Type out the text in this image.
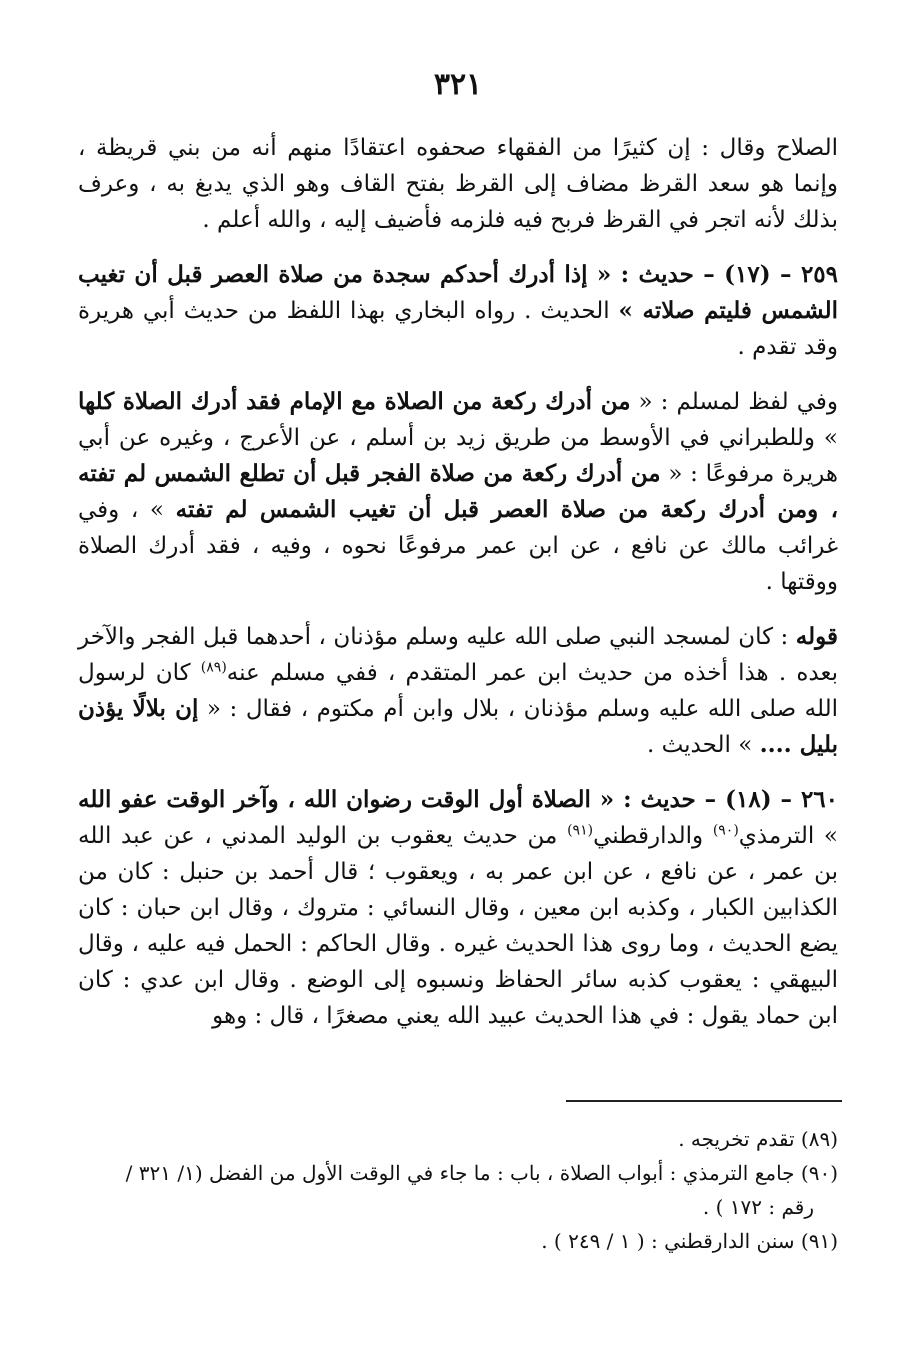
٣٢١

الصلاح وقال : إن كثيرًا من الفقهاء صحفوه اعتقادًا منهم أنه من بني قريظة ، وإنما هو سعد القرظ مضاف إلى القرظ بفتح القاف وهو الذي يدبغ به ، وعرف بذلك لأنه اتجر في القرظ فربح فيه فلزمه فأضيف إليه ، والله أعلم .

٢٥٩ – (١٧) – حديث : « إذا أدرك أحدكم سجدة من صلاة العصر قبل أن تغيب الشمس فليتم صلاته » الحديث . رواه البخاري بهذا اللفظ من حديث أبي هريرة وقد تقدم .

وفي لفظ لمسلم : « من أدرك ركعة من الصلاة مع الإمام فقد أدرك الصلاة كلها » وللطبراني في الأوسط من طريق زيد بن أسلم ، عن الأعرج ، وغيره عن أبي هريرة مرفوعًا : « من أدرك ركعة من صلاة الفجر قبل أن تطلع الشمس لم تفته ، ومن أدرك ركعة من صلاة العصر قبل أن تغيب الشمس لم تفته » ، وفي غرائب مالك عن نافع ، عن ابن عمر مرفوعًا نحوه ، وفيه ، فقد أدرك الصلاة ووقتها .

قوله : كان لمسجد النبي صلى الله عليه وسلم مؤذنان ، أحدهما قبل الفجر والآخر بعده . هذا أخذه من حديث ابن عمر المتقدم ، ففي مسلم عنه$^{(٨٩)}$ كان لرسول الله صلى الله عليه وسلم مؤذنان ، بلال وابن أم مكتوم ، فقال : « إن بلالًا يؤذن بليل .... » الحديث .

٢٦٠ – (١٨) – حديث : « الصلاة أول الوقت رضوان الله ، وآخر الوقت عفو الله » الترمذي$^{(٩٠)}$ والدارقطني$^{(٩١)}$ من حديث يعقوب بن الوليد المدني ، عن عبد الله بن عمر ، عن نافع ، عن ابن عمر به ، ويعقوب ؛ قال أحمد بن حنبل : كان من الكذابين الكبار ، وكذبه ابن معين ، وقال النسائي : متروك ، وقال ابن حبان : كان يضع الحديث ، وما روى هذا الحديث غيره . وقال الحاكم : الحمل فيه عليه ، وقال البيهقي : يعقوب كذبه سائر الحفاظ ونسبوه إلى الوضع . وقال ابن عدي : كان ابن حماد يقول : في هذا الحديث عبيد الله يعني مصغرًا ، قال : وهو

(٨٩) تقدم تخريجه .

(٩٠) جامع الترمذي : أبواب الصلاة ، باب : ما جاء في الوقت الأول من الفضل (١/ ٣٢١ /

رقم : ١٧٢ ) .

(٩١) سنن الدارقطني : ( ١ / ٢٤٩ ) .
